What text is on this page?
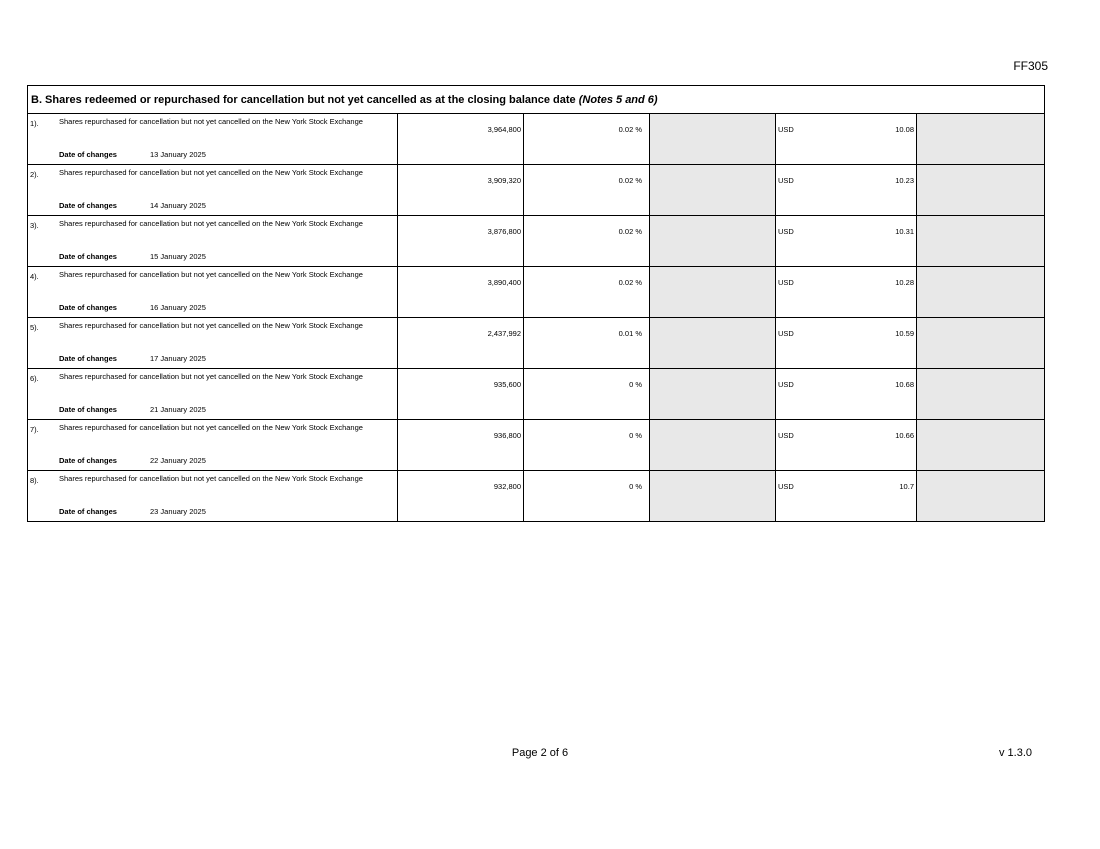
FF305
B. Shares redeemed or repurchased for cancellation but not yet cancelled as at the closing balance date (Notes 5 and 6)					

1). Shares repurchased for cancellation but not yet cancelled on the New York Stock Exchange
Date of changes 13 January 2025	3,964,800	0.02 %		USD 10.08	

2). Shares repurchased for cancellation but not yet cancelled on the New York Stock Exchange
Date of changes 14 January 2025	3,909,320	0.02 %		USD 10.23	

3). Shares repurchased for cancellation but not yet cancelled on the New York Stock Exchange
Date of changes 15 January 2025	3,876,800	0.02 %		USD 10.31	

4). Shares repurchased for cancellation but not yet cancelled on the New York Stock Exchange
Date of changes 16 January 2025	3,890,400	0.02 %		USD 10.28	

5). Shares repurchased for cancellation but not yet cancelled on the New York Stock Exchange
Date of changes 17 January 2025	2,437,992	0.01 %		USD 10.59	

6). Shares repurchased for cancellation but not yet cancelled on the New York Stock Exchange
Date of changes 21 January 2025	935,600	0 %		USD 10.68	

7). Shares repurchased for cancellation but not yet cancelled on the New York Stock Exchange
Date of changes 22 January 2025	936,800	0 %		USD 10.66	

8). Shares repurchased for cancellation but not yet cancelled on the New York Stock Exchange
Date of changes 23 January 2025	932,800	0 %		USD 10.7	

Page 2 of 6	v 1.3.0
